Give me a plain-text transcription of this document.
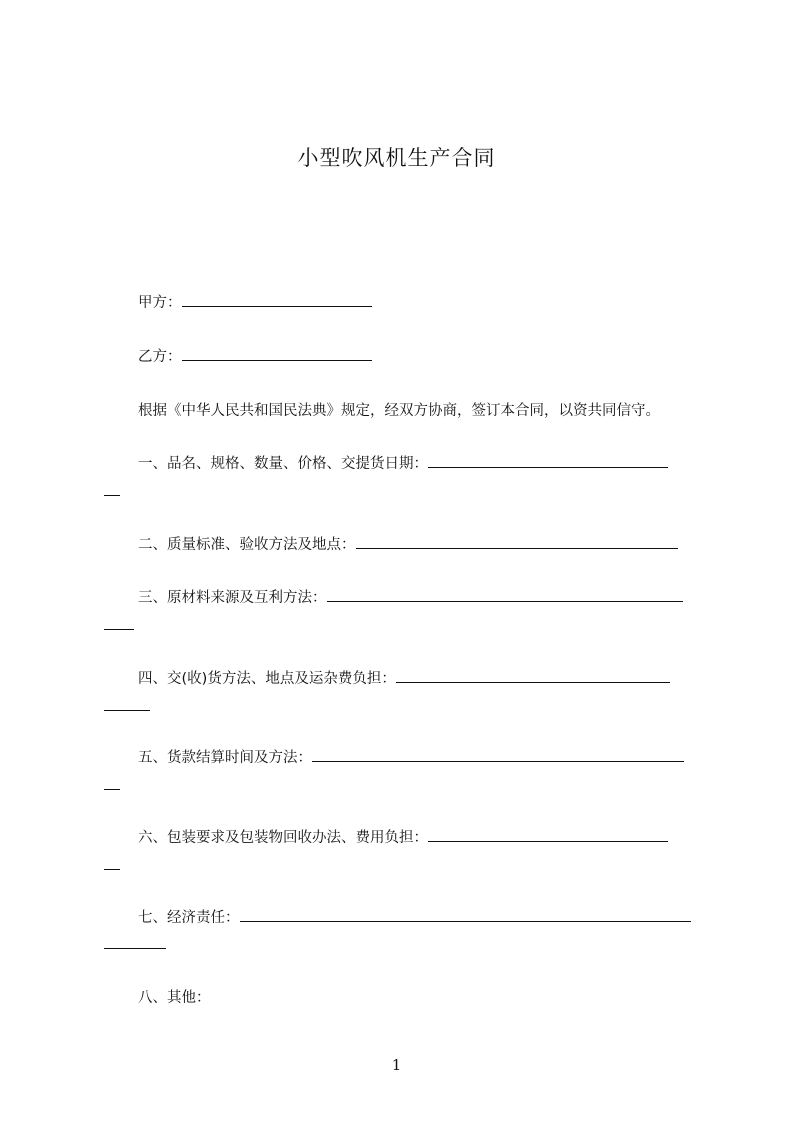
小型吹风机生产合同
甲方：
乙方：
根据《中华人民共和国民法典》规定，经双方协商，签订本合同，以资共同信守。
一、品名、规格、数量、价格、交提货日期：
二、质量标准、验收方法及地点：
三、原材料来源及互利方法：
四、交(收)货方法、地点及运杂费负担：
五、货款结算时间及方法：
六、包装要求及包装物回收办法、费用负担：
七、经济责任：
八、其他：
1
